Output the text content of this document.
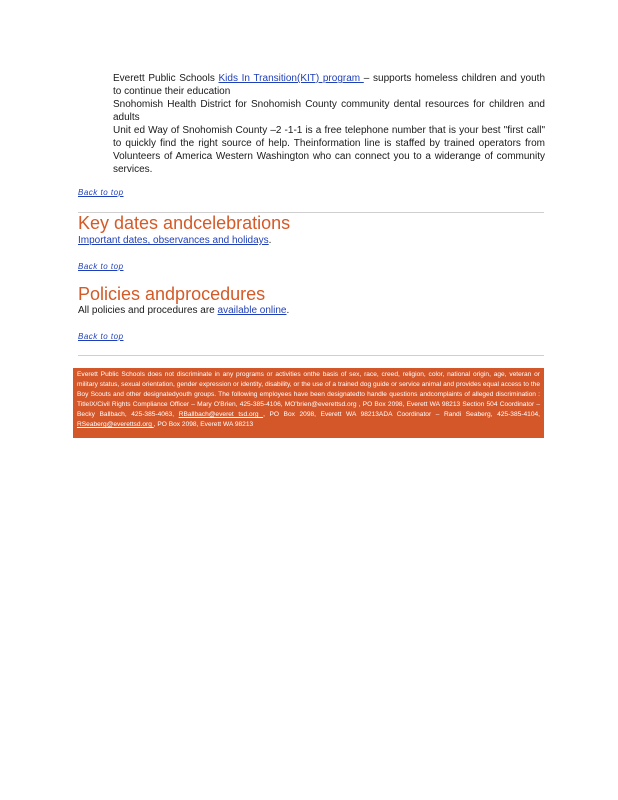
Everett Public Schools Kids In Transition(KIT) program – supports homeless children and youth to continue their education
Snohomish Health District for Snohomish County community dental resources for children and adults
Unit ed Way of Snohomish County –2 -1-1 is a free telephone number that is your best "first call" to quickly find the right source of help. Theinformation line is staffed by trained operators from Volunteers of America Western Washington who can connect you to a widerange of community services.
Back to top
Key dates andcelebrations
Important dates, observances and holidays.
Back to top
Policies andprocedures
All policies and procedures are available online.
Back to top
Everett Public Schools does not discriminate in any programs or activities onthe basis of sex, race, creed, religion, color, national origin, age, veteran or military status, sexual orientation, gender expression or identity, disability, or the use of a trained dog guide or service animal and provides equal access to the Boy Scouts and other designatedyouth groups. The following employees have been designatedto handle questions andcomplaints of alleged discrimination : TitleIX/Civil Rights Compliance Officer – Mary O'Brien, 425-385-4106, MO'brien@everettsd.org , PO Box 2098, Everett WA 98213 Section 504 Coordinator – Becky Ballbach, 425-385-4063, RBallbach@everet tsd.org , PO Box 2098, Everett WA 98213ADA Coordinator – Randi Seaberg, 425-385-4104, RSeaberg@everettsd.org , PO Box 2098, Everett WA 98213
